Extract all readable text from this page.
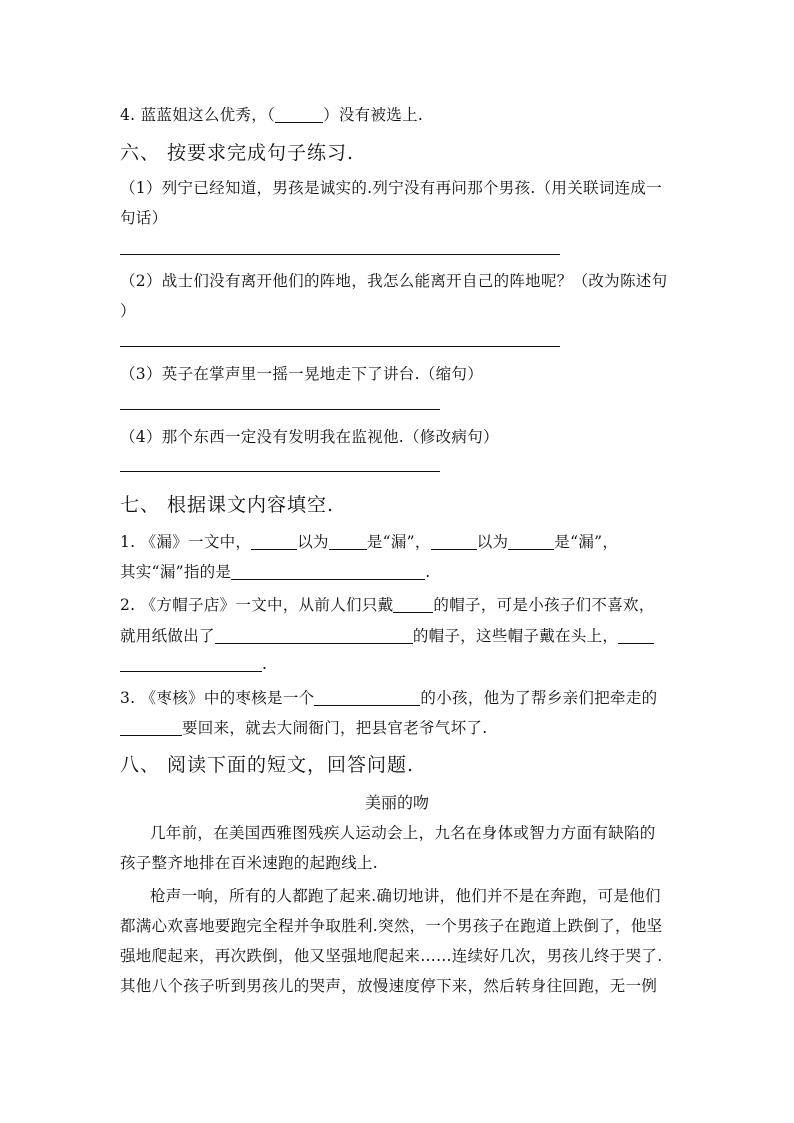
4. 蓝蓝姐这么优秀，（	）没有被选上.
六、 按要求完成句子练习.
（1）列宁已经知道，男孩是诚实的.列宁没有再问那个男孩.（用关联词连成一
句话）
（2）战士们没有离开他们的阵地，我怎么能离开自己的阵地呢？（改为陈述句
）
（3）英子在掌声里一摇一晃地走下了讲台.（缩句）
（4）那个东西一定没有发明我在监视他.（修改病句）
七、 根据课文内容填空.
1. 《漏》一文中，	以为 是“漏”，	以为	是“漏”，
其实“漏”指的是	.
2. 《方帽子店》一文中，从前人们只戴	的帽子，可是小孩子们不喜欢，
就用纸做出了	的帽子，这些帽子戴在头上，
.
3. 《枣核》中的枣核是一个	的小孩，他为了帮乡亲们把牵走的
要回来，就去大闹衙门，把县官老爷气坏了.
八、 阅读下面的短文，回答问题.
美丽的吻
几年前，在美国西雅图残疾人运动会上，九名在身体或智力方面有缺陷的
孩子整齐地排在百米速跑的起跑线上.
枪声一响，所有的人都跑了起来.确切地讲，他们并不是在奔跑，可是他们
都满心欢喜地要跑完全程并争取胜利.突然，一个男孩子在跑道上跌倒了，他坚
强地爬起来，再次跌倒，他又坚强地爬起来……连续好几次，男孩儿终于哭了.
其他八个孩子听到男孩儿的哭声，放慢速度停下来，然后转身往回跑，无一例
